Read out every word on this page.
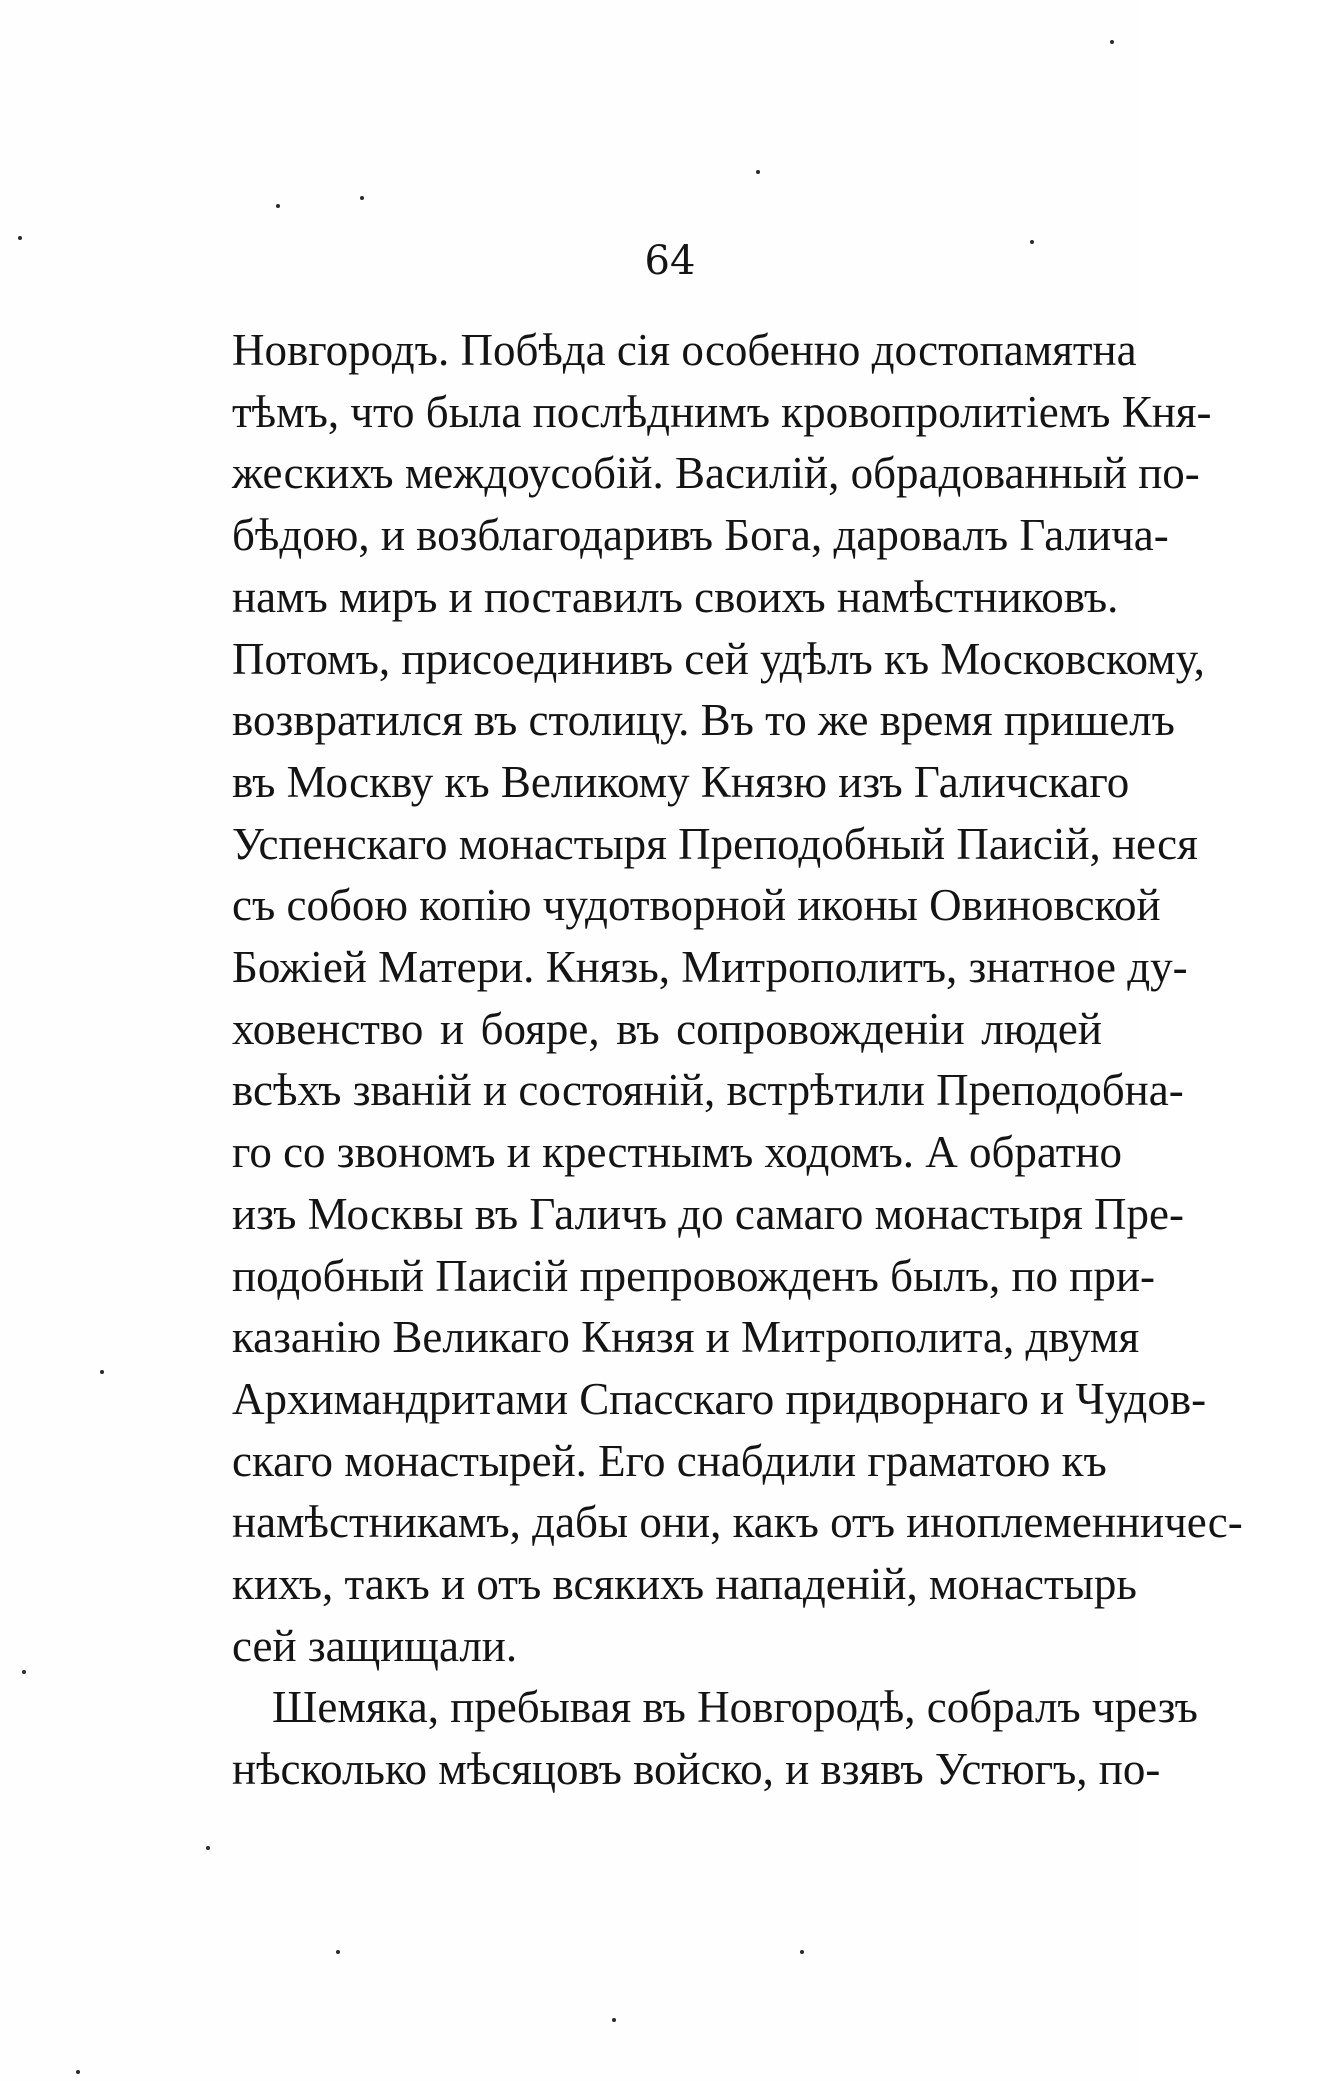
64
Новгородъ. Побѣда сія особенно достопамятна
тѣмъ, что была послѣднимъ кровопролитіемъ Кня-
жескихъ междоусобій. Василій, обрадованный по-
бѣдою, и возблагодаривъ Бога, даровалъ Галича-
намъ миръ и поставилъ своихъ намѣстниковъ.
Потомъ, присоединивъ сей удѣлъ къ Московскому,
возвратился въ столицу. Въ то же время пришелъ
въ Москву къ Великому Князю изъ Галичскаго
Успенскаго монастыря Преподобный Паисій, неся
съ собою копію чудотворной иконы Овиновской
Божіей Матери. Князь, Митрополитъ, знатное ду-
ховенство и бояре, въ сопровожденіи людей
всѣхъ званій и состояній, встрѣтили Преподобна-
го со звономъ и крестнымъ ходомъ. А обратно
изъ Москвы въ Галичъ до самаго монастыря Пре-
подобный Паисій препровожденъ былъ, по при-
казанію Великаго Князя и Митрополита, двумя
Архимандритами Спасскаго придворнаго и Чудов-
скаго монастырей. Его снабдили граматою къ
намѣстникамъ, дабы они, какъ отъ иноплеменничес-
кихъ, такъ и отъ всякихъ нападеній, монастырь
сей защищали.
Шемяка, пребывая въ Новгородѣ, собралъ чрезъ
нѣсколько мѣсяцовъ войско, и взявъ Устюгъ, по-
